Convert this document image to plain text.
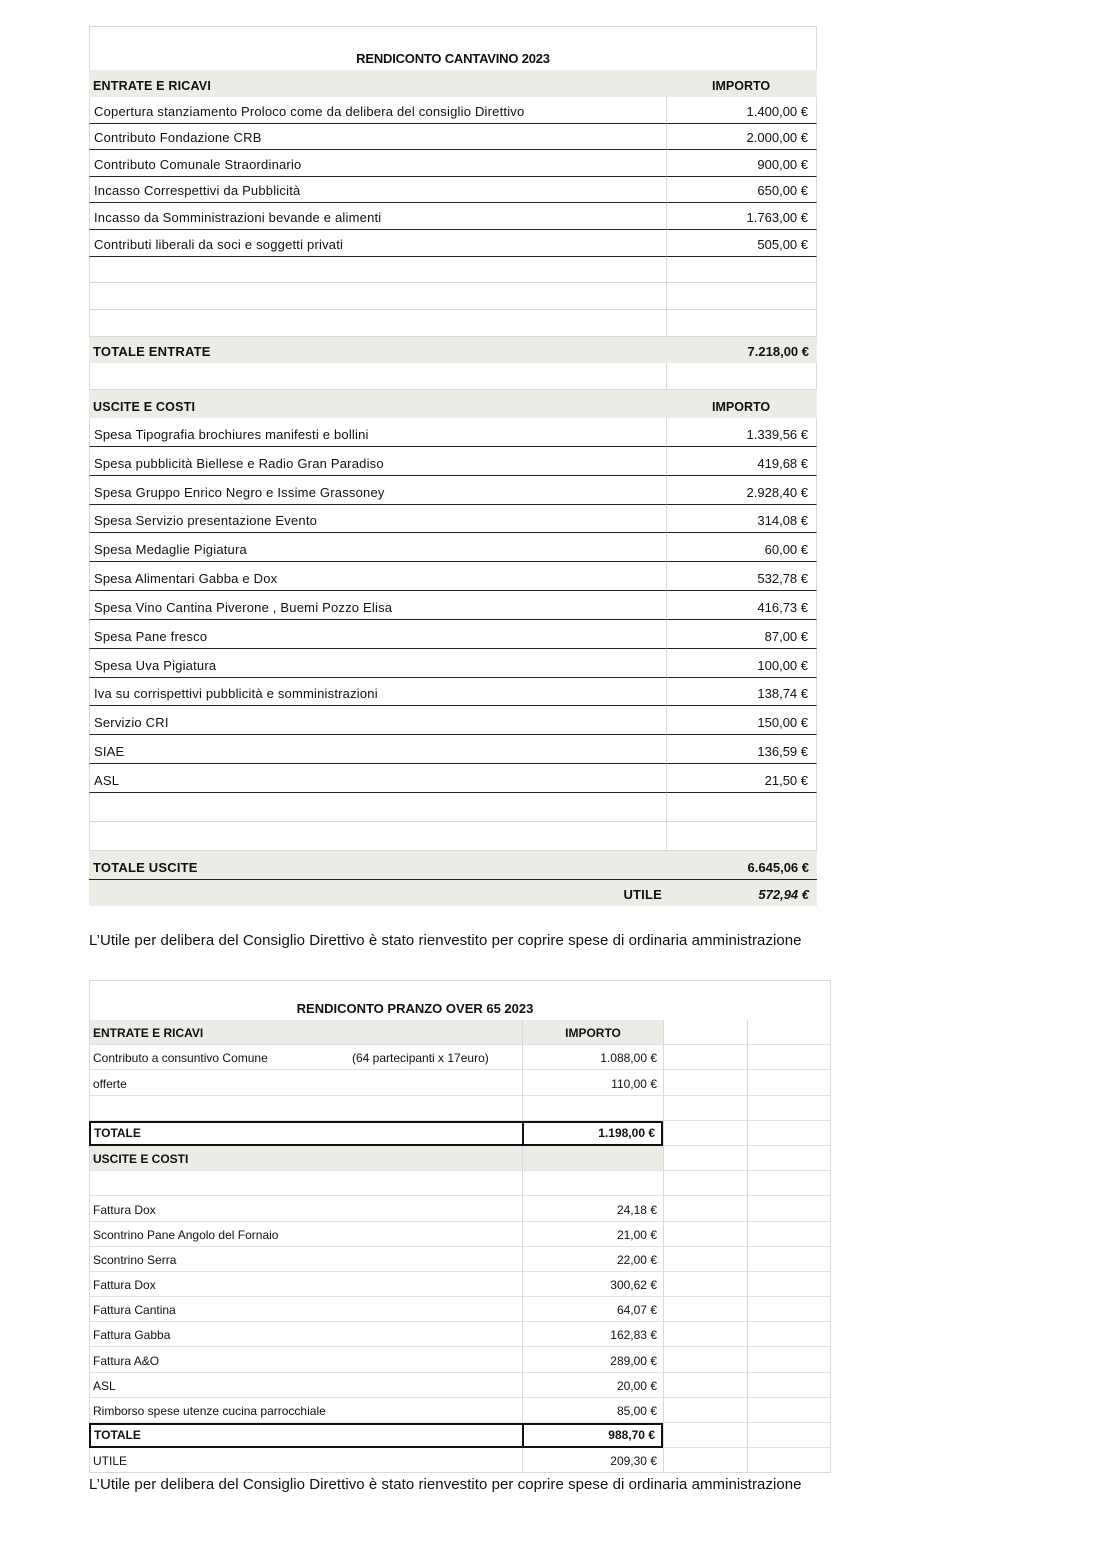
RENDICONTO CANTAVINO 2023
ENTRATE E RICAVI	IMPORTO
Copertura stanziamento Proloco come da delibera del consiglio Direttivo	1.400,00 €
Contributo Fondazione CRB	2.000,00 €
Contributo Comunale Straordinario	900,00 €
Incasso Correspettivi da Pubblicità	650,00 €
Incasso da Somministrazioni bevande e alimenti	1.763,00 €
Contributi liberali da soci e soggetti privati	505,00 €
TOTALE ENTRATE	7.218,00 €
USCITE E COSTI	IMPORTO
Spesa Tipografia brochiures manifesti e bollini	1.339,56 €
Spesa pubblicità Biellese e Radio Gran Paradiso	419,68 €
Spesa Gruppo Enrico Negro e Issime Grassoney	2.928,40 €
Spesa Servizio presentazione Evento	314,08 €
Spesa Medaglie Pigiatura	60,00 €
Spesa Alimentari Gabba e Dox	532,78 €
Spesa Vino Cantina Piverone , Buemi Pozzo Elisa	416,73 €
Spesa Pane fresco	87,00 €
Spesa Uva Pigiatura	100,00 €
Iva su corrispettivi pubblicità e somministrazioni	138,74 €
Servizio CRI	150,00 €
SIAE	136,59 €
ASL	21,50 €
TOTALE USCITE	6.645,06 €
UTILE	572,94 €
L’Utile per delibera del Consiglio Direttivo è stato rienvestito per coprire spese di ordinaria amministrazione
RENDICONTO PRANZO OVER 65 2023
ENTRATE E RICAVI	IMPORTO
Contributo a consuntivo Comune	(64 partecipanti x 17euro)	1.088,00 €
offerte	110,00 €
TOTALE	1.198,00 €
USCITE E COSTI
Fattura Dox	24,18 €
Scontrino Pane Angolo del Fornaio	21,00 €
Scontrino Serra	22,00 €
Fattura Dox	300,62 €
Fattura Cantina	64,07 €
Fattura Gabba	162,83 €
Fattura A&O	289,00 €
ASL	20,00 €
Rimborso spese utenze cucina parrocchiale	85,00 €
TOTALE	988,70 €
UTILE	209,30 €
L’Utile per delibera del Consiglio Direttivo è stato rienvestito per coprire spese di ordinaria amministrazione
